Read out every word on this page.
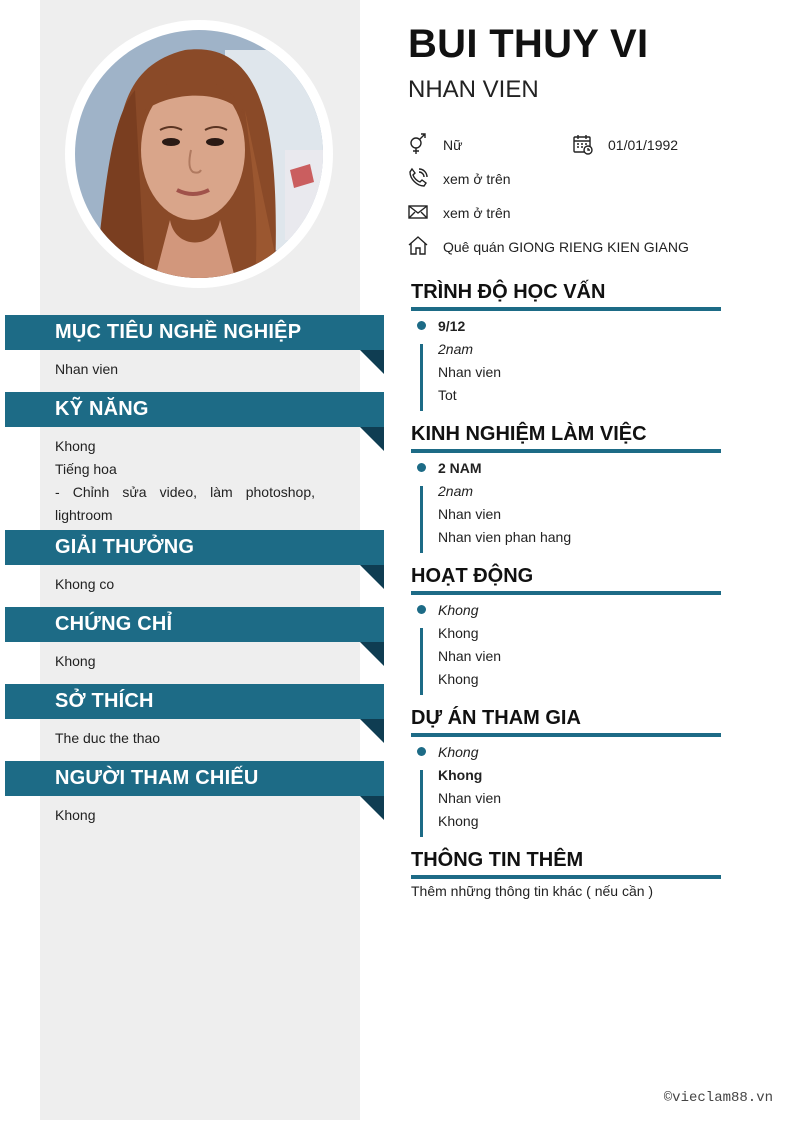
MỤC TIÊU NGHỀ NGHIỆP
Nhan vien
KỸ NĂNG
Khong
Tiếng hoa
- Chỉnh sửa video, làm photoshop, lightroom
GIẢI THƯỞNG
Khong co
CHỨNG CHỈ
Khong
SỞ THÍCH
The duc the thao
NGƯỜI THAM CHIẾU
Khong
BUI THUY VI
NHAN VIEN
Nữ	01/01/1992
xem ở trên
xem ở trên
Quê quán GIONG RIENG KIEN GIANG
TRÌNH ĐỘ HỌC VẤN
9/12
2nam
Nhan vien
Tot
KINH NGHIỆM LÀM VIỆC
2 NAM
2nam
Nhan vien
Nhan vien phan hang
HOẠT ĐỘNG
Khong
Khong
Nhan vien
Khong
DỰ ÁN THAM GIA
Khong
Khong
Nhan vien
Khong
THÔNG TIN THÊM
Thêm những thông tin khác ( nếu cần )
©vieclam88.vn
